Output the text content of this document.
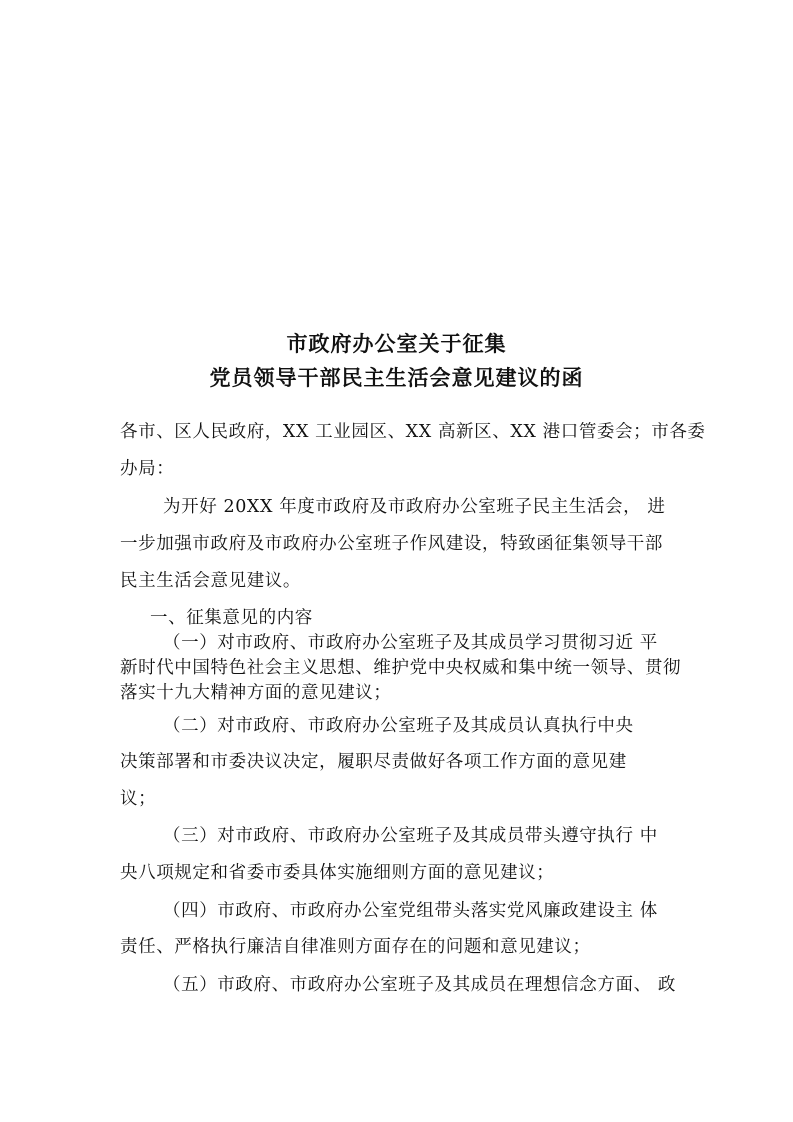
市政府办公室关于征集
党员领导干部民主生活会意见建议的函
各市、区人民政府，XX 工业园区、XX 高新区、XX 港口管委会；市各委
办局：
为开好 20XX 年度市政府及市政府办公室班子民主生活会， 进
一步加强市政府及市政府办公室班子作风建设，特致函征集领导干部
民主生活会意见建议。
一、征集意见的内容
（一）对市政府、市政府办公室班子及其成员学习贯彻习近 平
新时代中国特色社会主义思想、维护党中央权威和集中统一领导、贯彻
落实十九大精神方面的意见建议；
（二）对市政府、市政府办公室班子及其成员认真执行中央
决策部署和市委决议决定，履职尽责做好各项工作方面的意见建
议；
（三）对市政府、市政府办公室班子及其成员带头遵守执行 中
央八项规定和省委市委具体实施细则方面的意见建议；
（四）市政府、市政府办公室党组带头落实党风廉政建设主 体
责任、严格执行廉洁自律准则方面存在的问题和意见建议；
（五）市政府、市政府办公室班子及其成员在理想信念方面、 政
